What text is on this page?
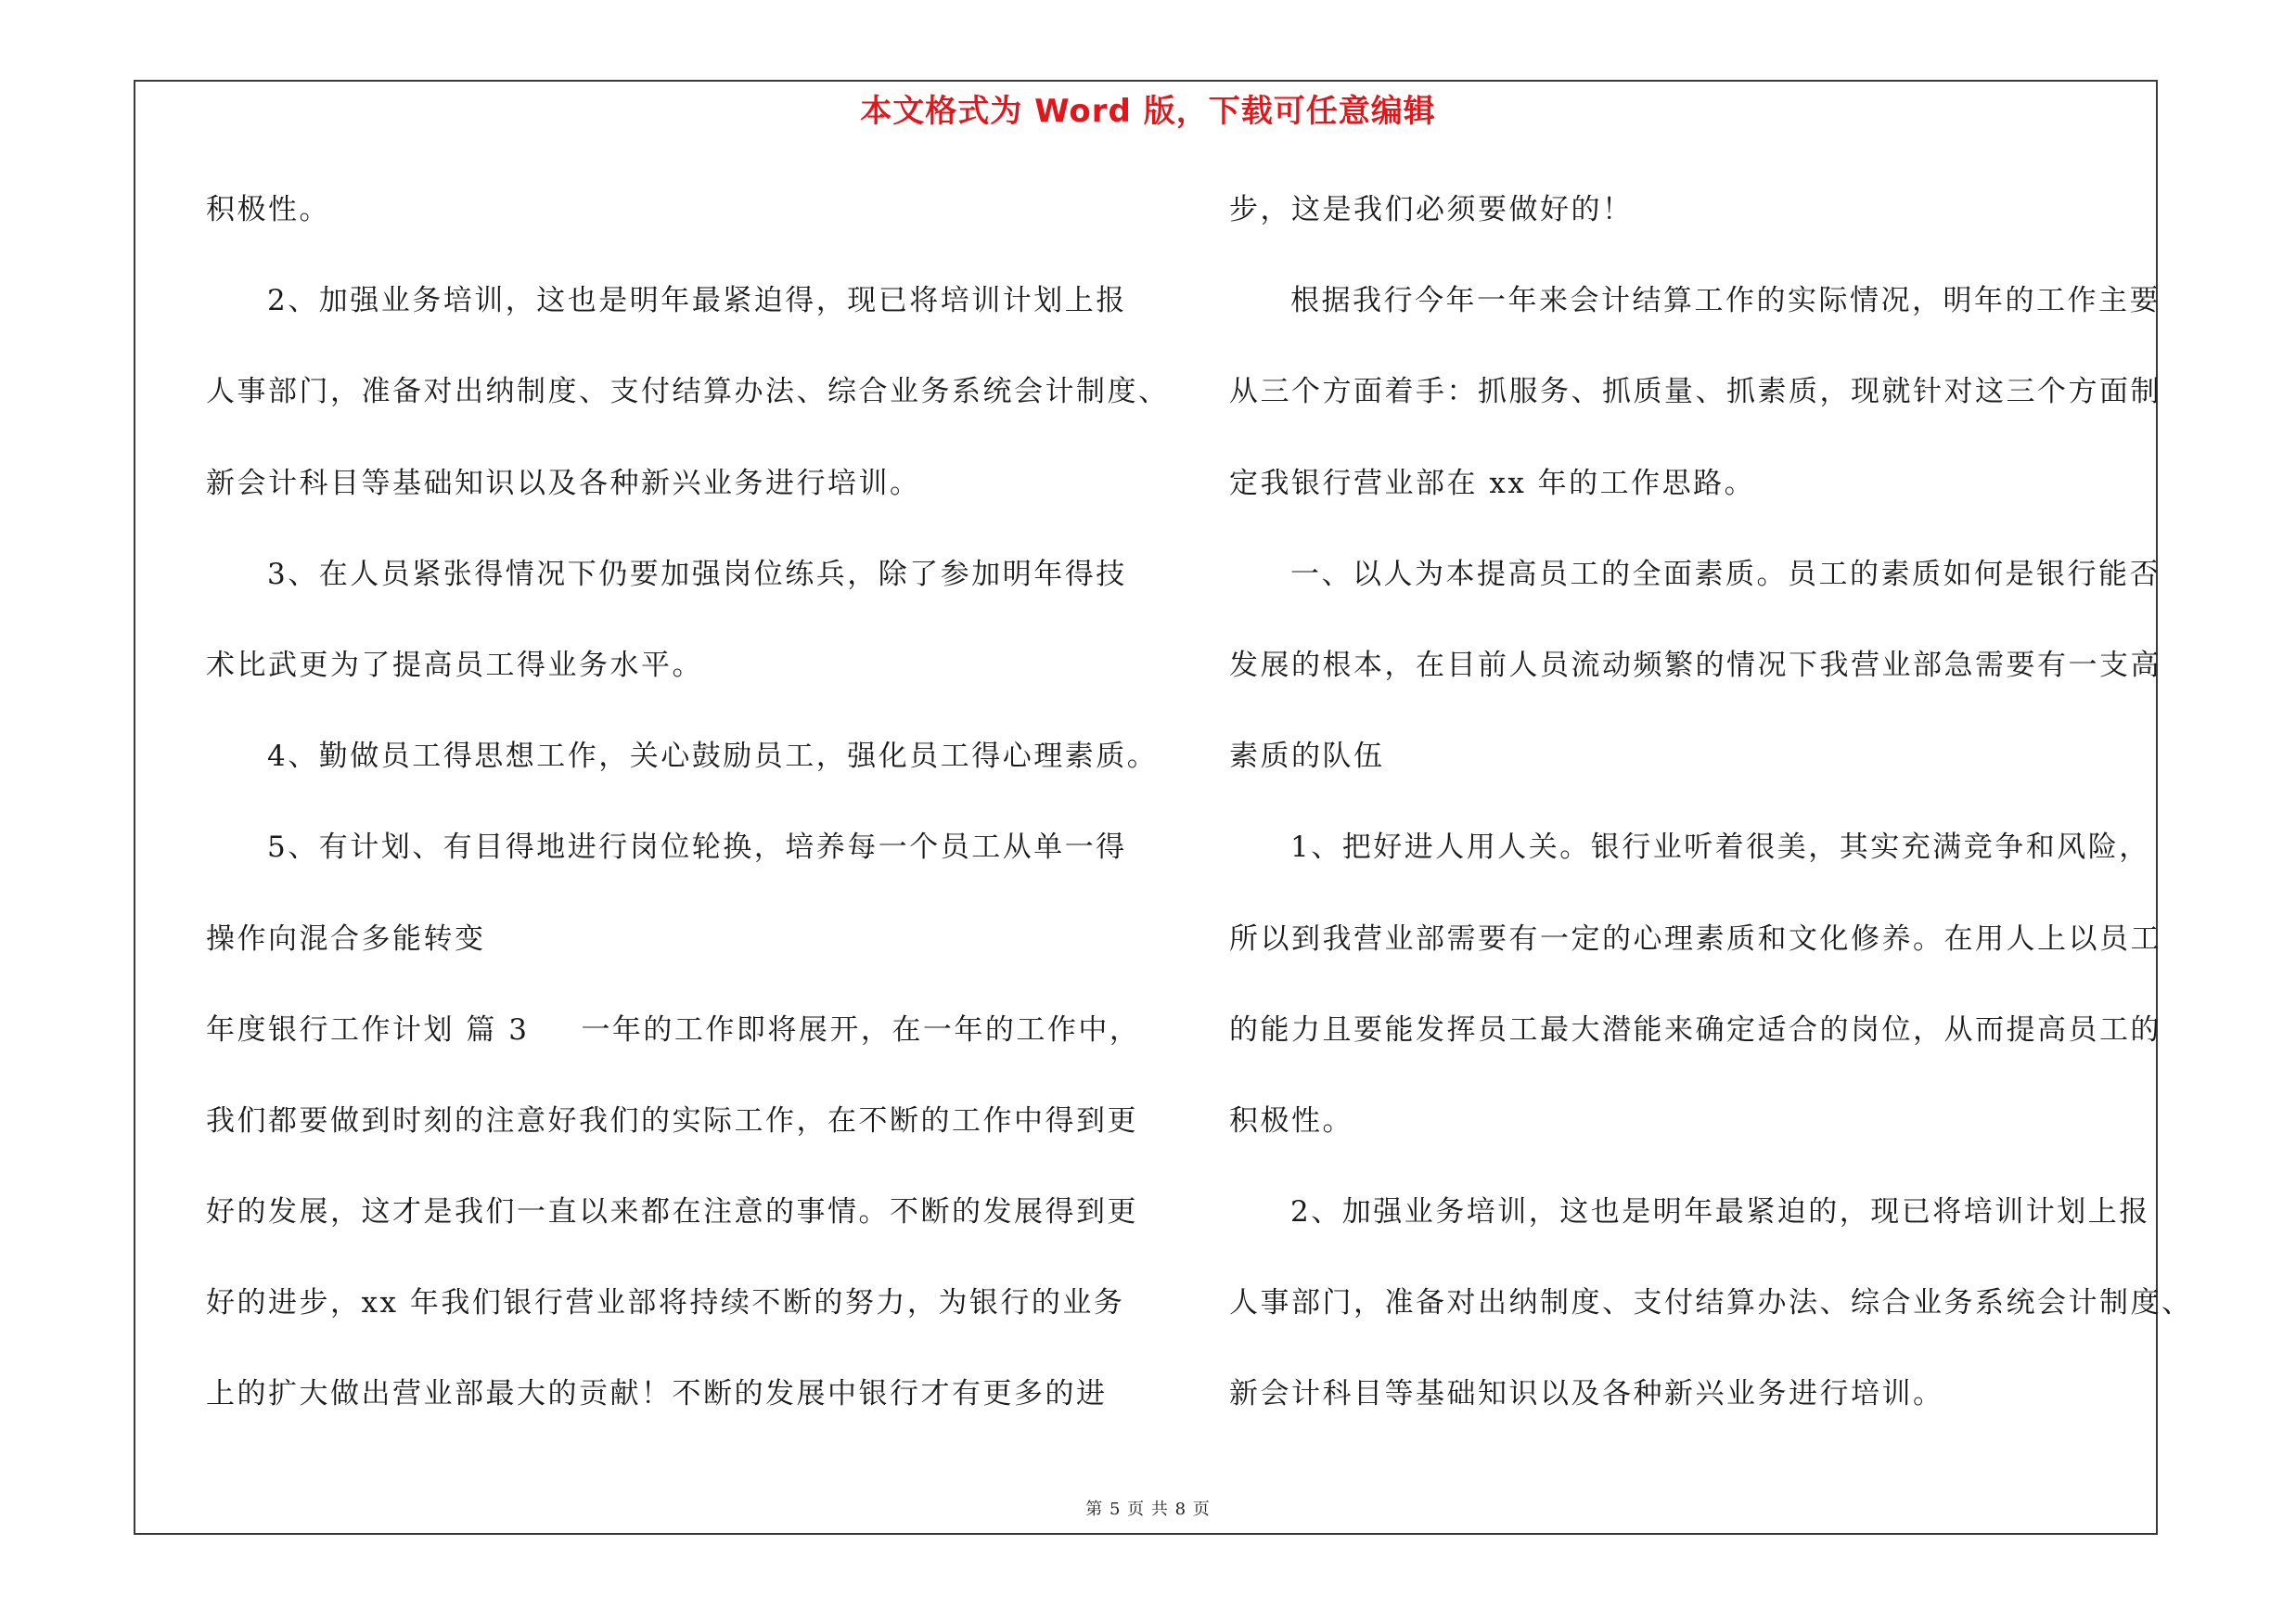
本文格式为 Word 版，下载可任意编辑
积极性。
2、加强业务培训，这也是明年最紧迫得，现已将培训计划上报
人事部门，准备对出纳制度、支付结算办法、综合业务系统会计制度、
新会计科目等基础知识以及各种新兴业务进行培训。
3、在人员紧张得情况下仍要加强岗位练兵，除了参加明年得技
术比武更为了提高员工得业务水平。
4、勤做员工得思想工作，关心鼓励员工，强化员工得心理素质。
5、有计划、有目得地进行岗位轮换，培养每一个员工从单一得
操作向混合多能转变
年度银行工作计划 篇 3 一年的工作即将展开，在一年的工作中，
我们都要做到时刻的注意好我们的实际工作，在不断的工作中得到更
好的发展，这才是我们一直以来都在注意的事情。不断的发展得到更
好的进步，xx 年我们银行营业部将持续不断的努力，为银行的业务
上的扩大做出营业部最大的贡献！不断的发展中银行才有更多的进
步，这是我们必须要做好的！
根据我行今年一年来会计结算工作的实际情况，明年的工作主要
从三个方面着手：抓服务、抓质量、抓素质，现就针对这三个方面制
定我银行营业部在 xx 年的工作思路。
一、以人为本提高员工的全面素质。员工的素质如何是银行能否
发展的根本，在目前人员流动频繁的情况下我营业部急需要有一支高
素质的队伍
1、把好进人用人关。银行业听着很美，其实充满竞争和风险，
所以到我营业部需要有一定的心理素质和文化修养。在用人上以员工
的能力且要能发挥员工最大潜能来确定适合的岗位，从而提高员工的
积极性。
2、加强业务培训，这也是明年最紧迫的，现已将培训计划上报
人事部门，准备对出纳制度、支付结算办法、综合业务系统会计制度、
新会计科目等基础知识以及各种新兴业务进行培训。
第 5 页 共 8 页
